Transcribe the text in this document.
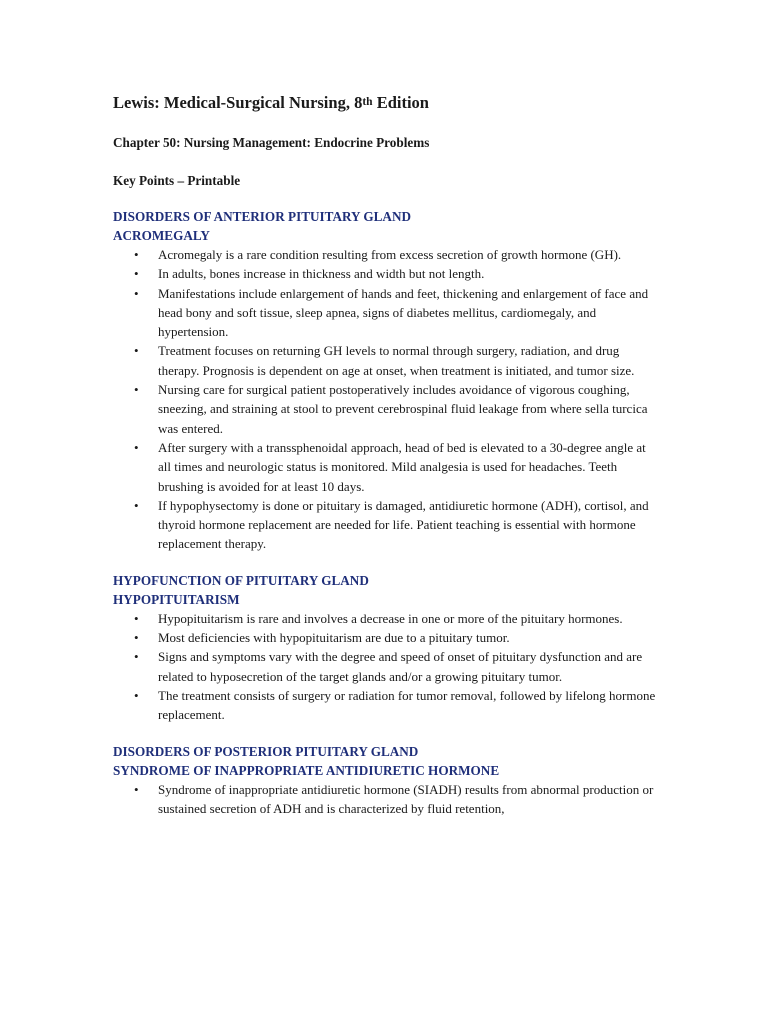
Lewis: Medical-Surgical Nursing, 8th Edition

Chapter 50: Nursing Management: Endocrine Problems

Key Points – Printable

DISORDERS OF ANTERIOR PITUITARY GLAND

ACROMEGALY

• Acromegaly is a rare condition resulting from excess secretion of growth hormone (GH).
• In adults, bones increase in thickness and width but not length.
• Manifestations include enlargement of hands and feet, thickening and enlargement of face and head bony and soft tissue, sleep apnea, signs of diabetes mellitus, cardiomegaly, and hypertension.
• Treatment focuses on returning GH levels to normal through surgery, radiation, and drug therapy. Prognosis is dependent on age at onset, when treatment is initiated, and tumor size.
• Nursing care for surgical patient postoperatively includes avoidance of vigorous coughing, sneezing, and straining at stool to prevent cerebrospinal fluid leakage from where sella turcica was entered.
• After surgery with a transsphenoidal approach, head of bed is elevated to a 30-degree angle at all times and neurologic status is monitored. Mild analgesia is used for headaches. Teeth brushing is avoided for at least 10 days.
• If hypophysectomy is done or pituitary is damaged, antidiuretic hormone (ADH), cortisol, and thyroid hormone replacement are needed for life. Patient teaching is essential with hormone replacement therapy.

HYPOFUNCTION OF PITUITARY GLAND

HYPOPITUITARISM

• Hypopituitarism is rare and involves a decrease in one or more of the pituitary hormones.
• Most deficiencies with hypopituitarism are due to a pituitary tumor.
• Signs and symptoms vary with the degree and speed of onset of pituitary dysfunction and are related to hyposecretion of the target glands and/or a growing pituitary tumor.
• The treatment consists of surgery or radiation for tumor removal, followed by lifelong hormone replacement.

DISORDERS OF POSTERIOR PITUITARY GLAND

SYNDROME OF INAPPROPRIATE ANTIDIURETIC HORMONE

• Syndrome of inappropriate antidiuretic hormone (SIADH) results from abnormal production or sustained secretion of ADH and is characterized by fluid retention,
